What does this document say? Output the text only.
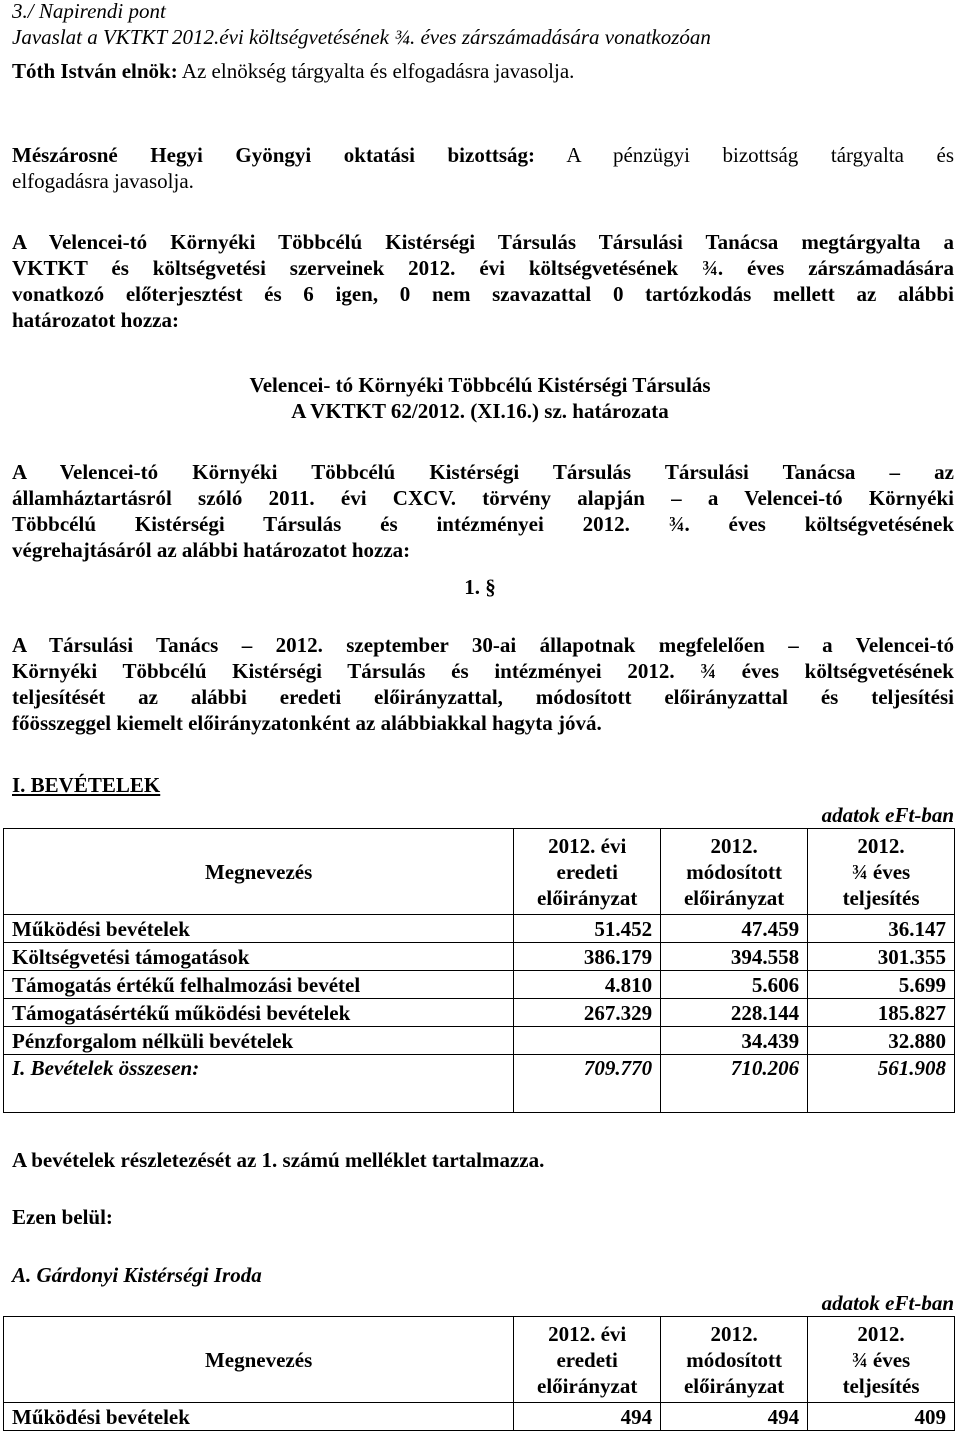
3./ Napirendi pont
Javaslat a VKTKT 2012.évi költségvetésének ¾. éves zárszámadására vonatkozóan
Tóth István elnök: Az elnökség tárgyalta és elfogadásra javasolja.
Mészárosné Hegyi Gyöngyi oktatási bizottság: A pénzügyi bizottság tárgyalta és
elfogadásra javasolja.
A Velencei-tó Környéki Többcélú Kistérségi Társulás Társulási Tanácsa megtárgyalta a
VKTKT és költségvetési szerveinek 2012. évi költségvetésének ¾. éves zárszámadására
vonatkozó előterjesztést és 6 igen, 0 nem szavazattal 0 tartózkodás mellett az alábbi
határozatot hozza:
Velencei- tó Környéki Többcélú Kistérségi Társulás
A VKTKT 62/2012. (XI.16.) sz. határozata
A Velencei-tó Környéki Többcélú Kistérségi Társulás Társulási Tanácsa – az
államháztartásról szóló 2011. évi CXCV. törvény alapján – a Velencei-tó Környéki
Többcélú Kistérségi Társulás és intézményei 2012. ¾. éves költségvetésének
végrehajtásáról az alábbi határozatot hozza:
1. §
A Társulási Tanács – 2012. szeptember 30-ai állapotnak megfelelően – a Velencei-tó
Környéki Többcélú Kistérségi Társulás és intézményei 2012. ¾ éves költségvetésének
teljesítését az alábbi eredeti előirányzattal, módosított előirányzattal és teljesítési
főösszeggel kiemelt előirányzatonként az alábbiakkal hagyta jóvá.
I. BEVÉTELEK
adatok eFt-ban
Megnevezés	2012. évi
eredeti
előirányzat	2012.
módosított
előirányzat	2012.
¾ éves
teljesítés

Működési bevételek	51.452	47.459	36.147
Költségvetési támogatások	386.179	394.558	301.355
Támogatás értékű felhalmozási bevétel	4.810	5.606	5.699
Támogatásértékű működési bevételek	267.329	228.144	185.827
Pénzforgalom nélküli bevételek		34.439	32.880
I. Bevételek összesen:	709.770	710.206	561.908
A bevételek részletezését az 1. számú melléklet tartalmazza.
Ezen belül:
A. Gárdonyi Kistérségi Iroda
adatok eFt-ban
Megnevezés	2012. évi
eredeti
előirányzat	2012.
módosított
előirányzat	2012.
¾ éves
teljesítés

Működési bevételek	494	494	409
